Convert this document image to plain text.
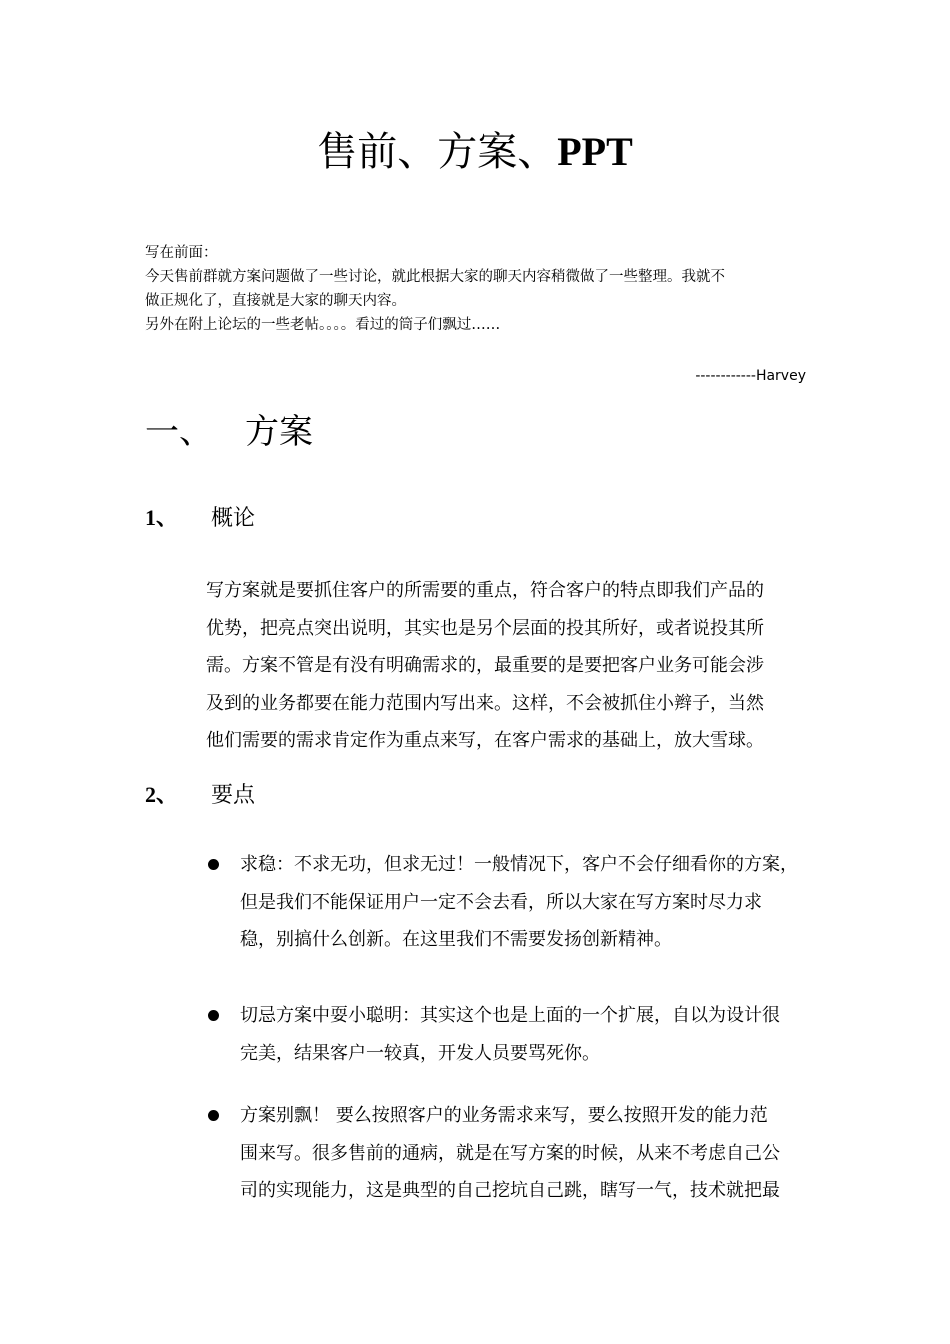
售前、方案、PPT

写在前面：

今天售前群就方案问题做了一些讨论，就此根据大家的聊天内容稍微做了一些整理。我就不

做正规化了，直接就是大家的聊天内容。

另外在附上论坛的一些老帖。。。。看过的筒子们飘过……

------------Harvey
一、 方案
1、 概论

写方案就是要抓住客户的所需要的重点，符合客户的特点即我们产品的

优势，把亮点突出说明，其实也是另个层面的投其所好，或者说投其所

需。方案不管是有没有明确需求的，最重要的是要把客户业务可能会涉

及到的业务都要在能力范围内写出来。这样，不会被抓住小辫子，当然

他们需要的需求肯定作为重点来写，在客户需求的基础上，放大雪球。

2、 要点
求稳：不求无功，但求无过！一般情况下，客户不会仔细看你的方案，
但是我们不能保证用户一定不会去看，所以大家在写方案时尽力求
稳，别搞什么创新。在这里我们不需要发扬创新精神。
切忌方案中耍小聪明：其实这个也是上面的一个扩展，自以为设计很
完美，结果客户一较真，开发人员要骂死你。
方案别飘！ 要么按照客户的业务需求来写，要么按照开发的能力范
围来写。很多售前的通病，就是在写方案的时候，从来不考虑自己公
司的实现能力，这是典型的自己挖坑自己跳，瞎写一气，技术就把最
